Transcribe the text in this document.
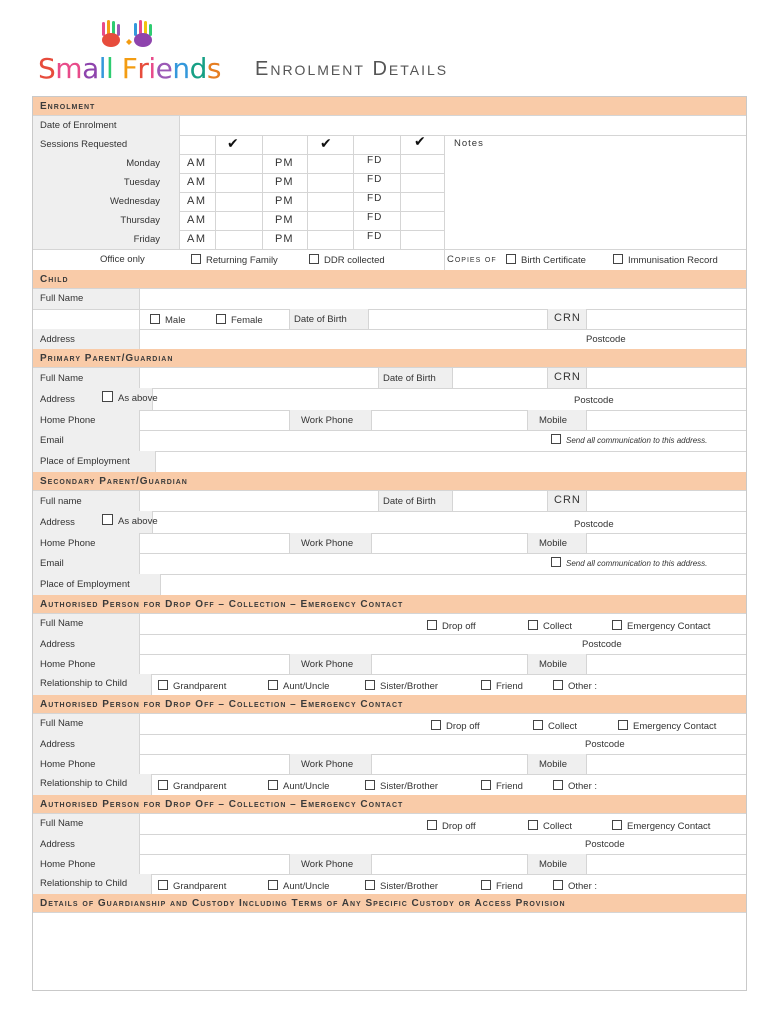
Small Friends Enrolment Details
Enrolment
Date of Enrolment
Sessions Requested	✔	✔	✔	Notes
Monday AM	PM	FD
Tuesday AM	PM	FD
Wednesday AM	PM	FD
Thursday AM	PM	FD
Friday AM	PM	FD
Office only	Returning Family	DDR collected	Copies of	Birth Certificate	Immunisation Record
Child
Full Name
Male	Female	Date of Birth	CRN
Address	Postcode
Primary Parent/Guardian
Full Name	Date of Birth	CRN
Address	As above	Postcode
Home Phone	Work Phone	Mobile
Email	Send all communication to this address.
Place of Employment
Secondary Parent/Guardian
Full name	Date of Birth	CRN
Address	As above	Postcode
Home Phone	Work Phone	Mobile
Email	Send all communication to this address.
Place of Employment
Authorised Person for Drop Off – Collection – Emergency Contact
Full Name	Drop off	Collect	Emergency Contact
Address	Postcode
Home Phone	Work Phone	Mobile
Relationship to Child	Grandparent	Aunt/Uncle	Sister/Brother	Friend	Other :
Authorised Person for Drop Off – Collection – Emergency Contact
Full Name	Drop off	Collect	Emergency Contact
Address	Postcode
Home Phone	Work Phone	Mobile
Relationship to Child	Grandparent	Aunt/Uncle	Sister/Brother	Friend	Other :
Authorised Person for Drop Off – Collection – Emergency Contact
Full Name	Drop off	Collect	Emergency Contact
Address	Postcode
Home Phone	Work Phone	Mobile
Relationship to Child	Grandparent	Aunt/Uncle	Sister/Brother	Friend	Other :
Details of Guardianship and Custody Including Terms of Any Specific Custody or Access Provision
